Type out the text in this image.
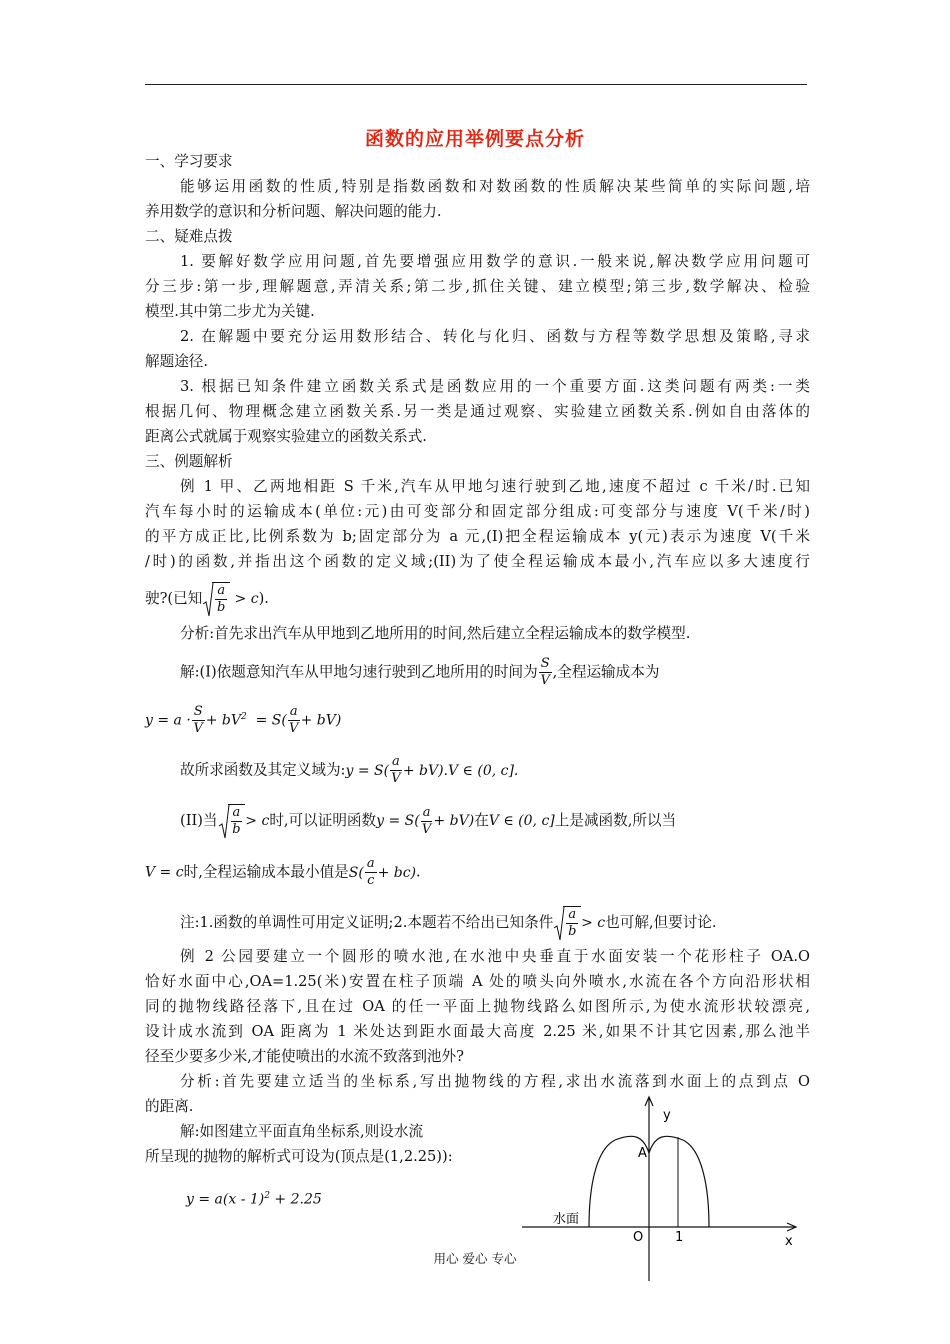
函数的应用举例要点分析
一、学习要求
能够运用函数的性质,特别是指数函数和对数函数的性质解决某些简单的实际问题,培
养用数学的意识和分析问题、解决问题的能力.
二、疑难点拨
1. 要解好数学应用问题,首先要增强应用数学的意识.一般来说,解决数学应用问题可
分三步:第一步,理解题意,弄清关系;第二步,抓住关键、建立模型;第三步,数学解决、检验
模型.其中第二步尤为关键.
2. 在解题中要充分运用数形结合、转化与化归、函数与方程等数学思想及策略,寻求
解题途径.
3. 根据已知条件建立函数关系式是函数应用的一个重要方面.这类问题有两类:一类
根据几何、物理概念建立函数关系.另一类是通过观察、实验建立函数关系.例如自由落体的
距离公式就属于观察实验建立的函数关系式.
三、例题解析
例 1 甲、乙两地相距 S 千米,汽车从甲地匀速行驶到乙地,速度不超过 c 千米/时.已知
汽车每小时的运输成本(单位:元)由可变部分和固定部分组成:可变部分与速度 V(千米/时)
的平方成正比,比例系数为 b;固定部分为 a 元,(I)把全程运输成本 y(元)表示为速度 V(千米
/时)的函数,并指出这个函数的定义域;(II)为了使全程运输成本最小,汽车应以多大速度行
驶?(已知 $\frac{a}{b} > c$).
分析:首先求出汽车从甲地到乙地所用的时间,然后建立全程运输成本的数学模型.
解:(I)依题意知汽车从甲地匀速行驶到乙地所用的时间为 $\frac{S}{V}$ ,全程运输成本为
$y = a \cdot \frac{S}{V} + bV^2 = S( \frac{a}{V} + bV)$
故所求函数及其定义域为:y = $S( \frac{a}{V} + bV).V$ ∈ (0, c].
(II)当 $\frac{a}{b} > c$时,可以证明函数$y = S( \frac{a}{V} + bV)$在V ∈ (0, c]上是减函数,所以当
V = c时,全程运输成本最小值是$S( \frac{a}{c} + bc)$.
注:1.函数的单调性可用定义证明;2.本题若不给出已知条件 $\frac{a}{b} > c$也可解,但要讨论.
例 2 公园要建立一个圆形的喷水池,在水池中央垂直于水面安装一个花形柱子 OA.O
恰好水面中心,OA=1.25(米)安置在柱子顶端 A 处的喷头向外喷水,水流在各个方向沿形状相
同的抛物线路径落下,且在过 OA 的任一平面上抛物线路么如图所示,为使水流形状较漂亮,
设计成水流到 OA 距离为 1 米处达到距水面最大高度 2.25 米,如果不计其它因素,那么池半
径至少要多少米,才能使喷出的水流不致落到池外?
分析:首先要建立适当的坐标系,写出抛物线的方程,求出水流落到水面上的点到点 O
的距离.
解:如图建立平面直角坐标系,则设水流
所呈现的抛物的解析式可设为(顶点是(1,2.25)):
y = a(x - 1)$^2$ + 2.25
y
A
水面
O 1	x
用心 爱心 专心
